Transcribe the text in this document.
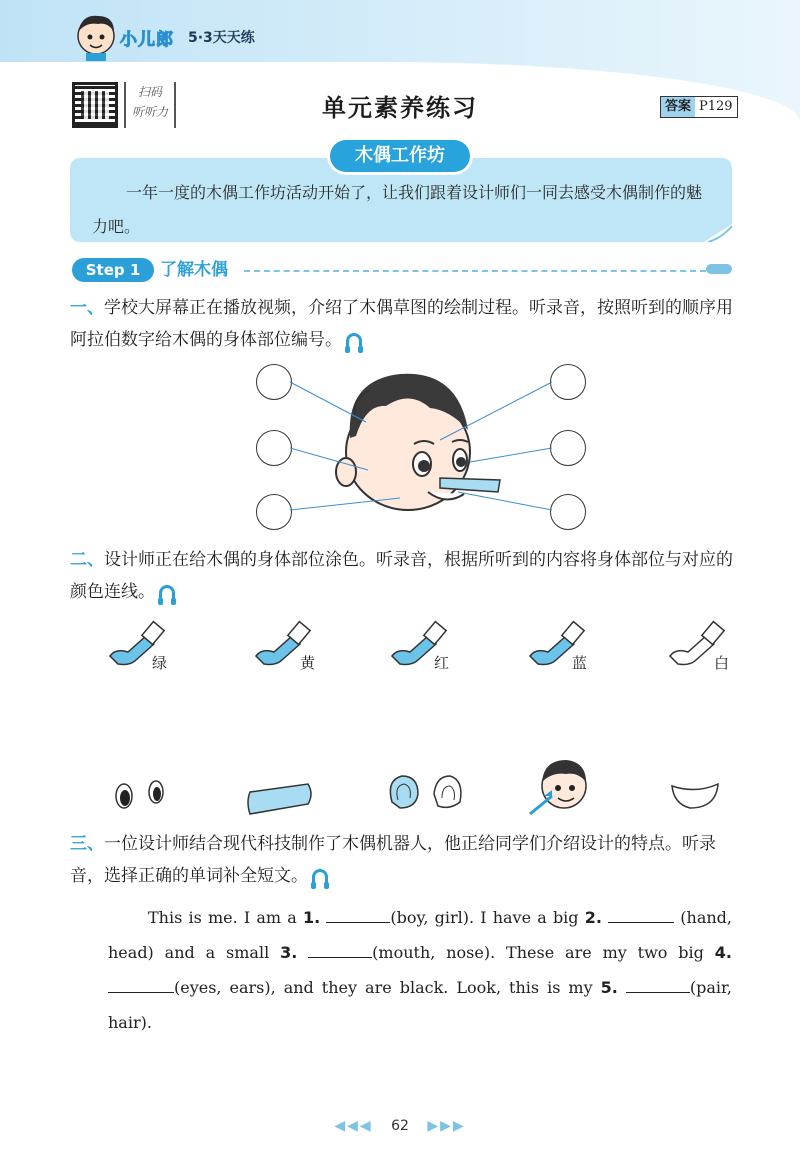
小儿郎 5·3天天练
扫码
听听力	单元素养练习	答案 P129
木偶工作坊
一年一度的木偶工作坊活动开始了，让我们跟着设计师们一同去感受木偶制作的魅力吧。
Step 1	了解木偶
一、学校大屏幕正在播放视频，介绍了木偶草图的绘制过程。听录音，按照听到的顺序用阿拉伯数字给木偶的身体部位编号。
二、设计师正在给木偶的身体部位涂色。听录音，根据所听到的内容将身体部位与对应的颜色连线。
绿	黄	红	蓝	白
三、一位设计师结合现代科技制作了木偶机器人，他正给同学们介绍设计的特点。听录音，选择正确的单词补全短文。
This is me. I am a 1.	(boy, girl). I have a big 2.	(hand, head) and a small 3.	(mouth, nose). These are my two big 4. (eyes, ears), and they are black. Look, this is my 5.	(pair, hair).
◀◀◀ 62 ▶▶▶
